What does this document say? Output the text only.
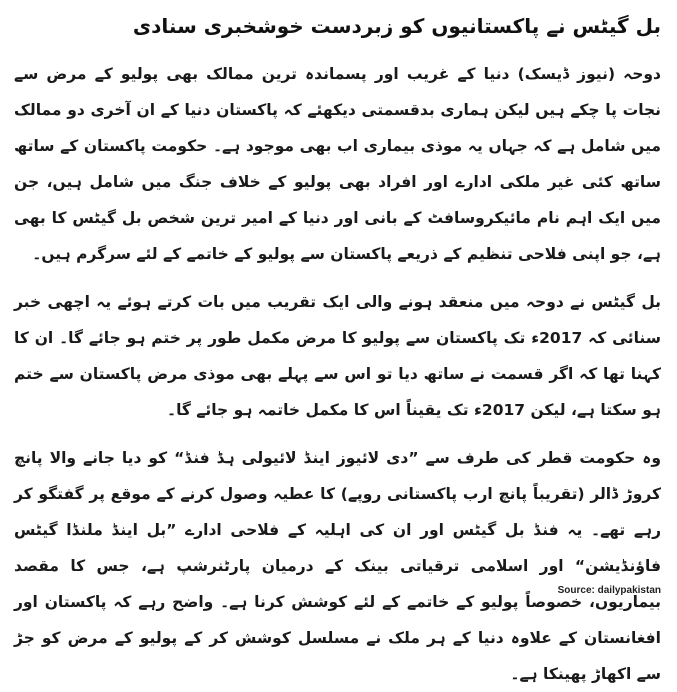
بل گیٹس نے پاکستانیوں کو زبردست خوشخبری سنادی

دوحہ (نیوز ڈیسک) دنیا کے غریب اور پسماندہ ترین ممالک بھی پولیو کے مرض سے نجات پا چکے ہیں لیکن ہماری بدقسمتی دیکھئے کہ پاکستان دنیا کے ان آخری دو ممالک میں شامل ہے کہ جہاں یہ موذی بیماری اب بھی موجود ہے۔ حکومت پاکستان کے ساتھ ساتھ کئی غیر ملکی ادارے اور افراد بھی پولیو کے خلاف جنگ میں شامل ہیں، جن میں ایک اہم نام مائیکروسافٹ کے بانی اور دنیا کے امیر ترین شخص بل گیٹس کا بھی ہے، جو اپنی فلاحی تنظیم کے ذریعے پاکستان سے پولیو کے خاتمے کے لئے سرگرم ہیں۔

بل گیٹس نے دوحہ میں منعقد ہونے والی ایک تقریب میں بات کرتے ہوئے یہ اچھی خبر سنائی کہ 2017ء تک پاکستان سے پولیو کا مرض مکمل طور پر ختم ہو جائے گا۔ ان کا کہنا تھا کہ اگر قسمت نے ساتھ دیا تو اس سے پہلے بھی موذی مرض پاکستان سے ختم ہو سکتا ہے، لیکن 2017ء تک یقیناً اس کا مکمل خاتمہ ہو جائے گا۔

وہ حکومت قطر کی طرف سے ”دی لائیوز اینڈ لائیولی ہڈ فنڈ“ کو دیا جانے والا پانچ کروڑ ڈالر (تقریباً پانچ ارب پاکستانی روپے) کا عطیہ وصول کرنے کے موقع پر گفتگو کر رہے تھے۔ یہ فنڈ بل گیٹس اور ان کی اہلیہ کے فلاحی ادارے ”بل اینڈ ملنڈا گیٹس فاؤنڈیشن“ اور اسلامی ترقیاتی بینک کے درمیان پارٹنرشپ ہے، جس کا مقصد بیماریوں، خصوصاً پولیو کے خاتمے کے لئے کوشش کرنا ہے۔ واضح رہے کہ پاکستان اور افغانستان کے علاوہ دنیا کے ہر ملک نے مسلسل کوشش کر کے پولیو کے مرض کو جڑ سے اکھاڑ پھینکا ہے۔

Source: dailypakistan
